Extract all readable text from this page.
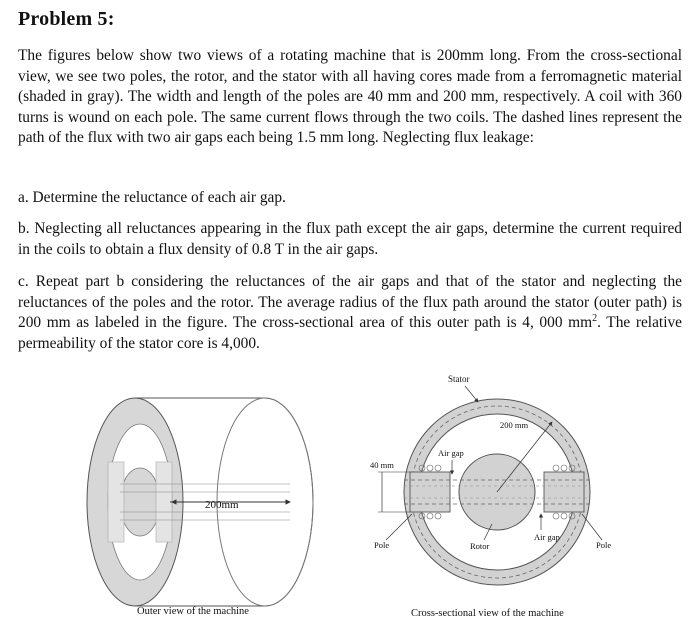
Problem 5:

The figures below show two views of a rotating machine that is 200mm long. From the cross-sectional view, we see two poles, the rotor, and the stator with all having cores made from a ferromagnetic material (shaded in gray). The width and length of the poles are 40 mm and 200 mm, respectively. A coil with 360 turns is wound on each pole. The same current flows through the two coils. The dashed lines represent the path of the flux with two air gaps each being 1.5 mm long. Neglecting flux leakage:

a. Determine the reluctance of each air gap.

b. Neglecting all reluctances appearing in the flux path except the air gaps, determine the current required in the coils to obtain a flux density of 0.8 T in the air gaps.

c. Repeat part b considering the reluctances of the air gaps and that of the stator and neglecting the reluctances of the poles and the rotor. The average radius of the flux path around the stator (outer path) is 200 mm as labeled in the figure. The cross-sectional area of this outer path is 4, 000 $mm^2$. The relative permeability of the stator core is 4,000.

200mm
Outer view of the machine
Stator
200 mm
Air gap
40 mm
Pole	Rotor
Air gap
Pole
Cross-sectional view of the machine
